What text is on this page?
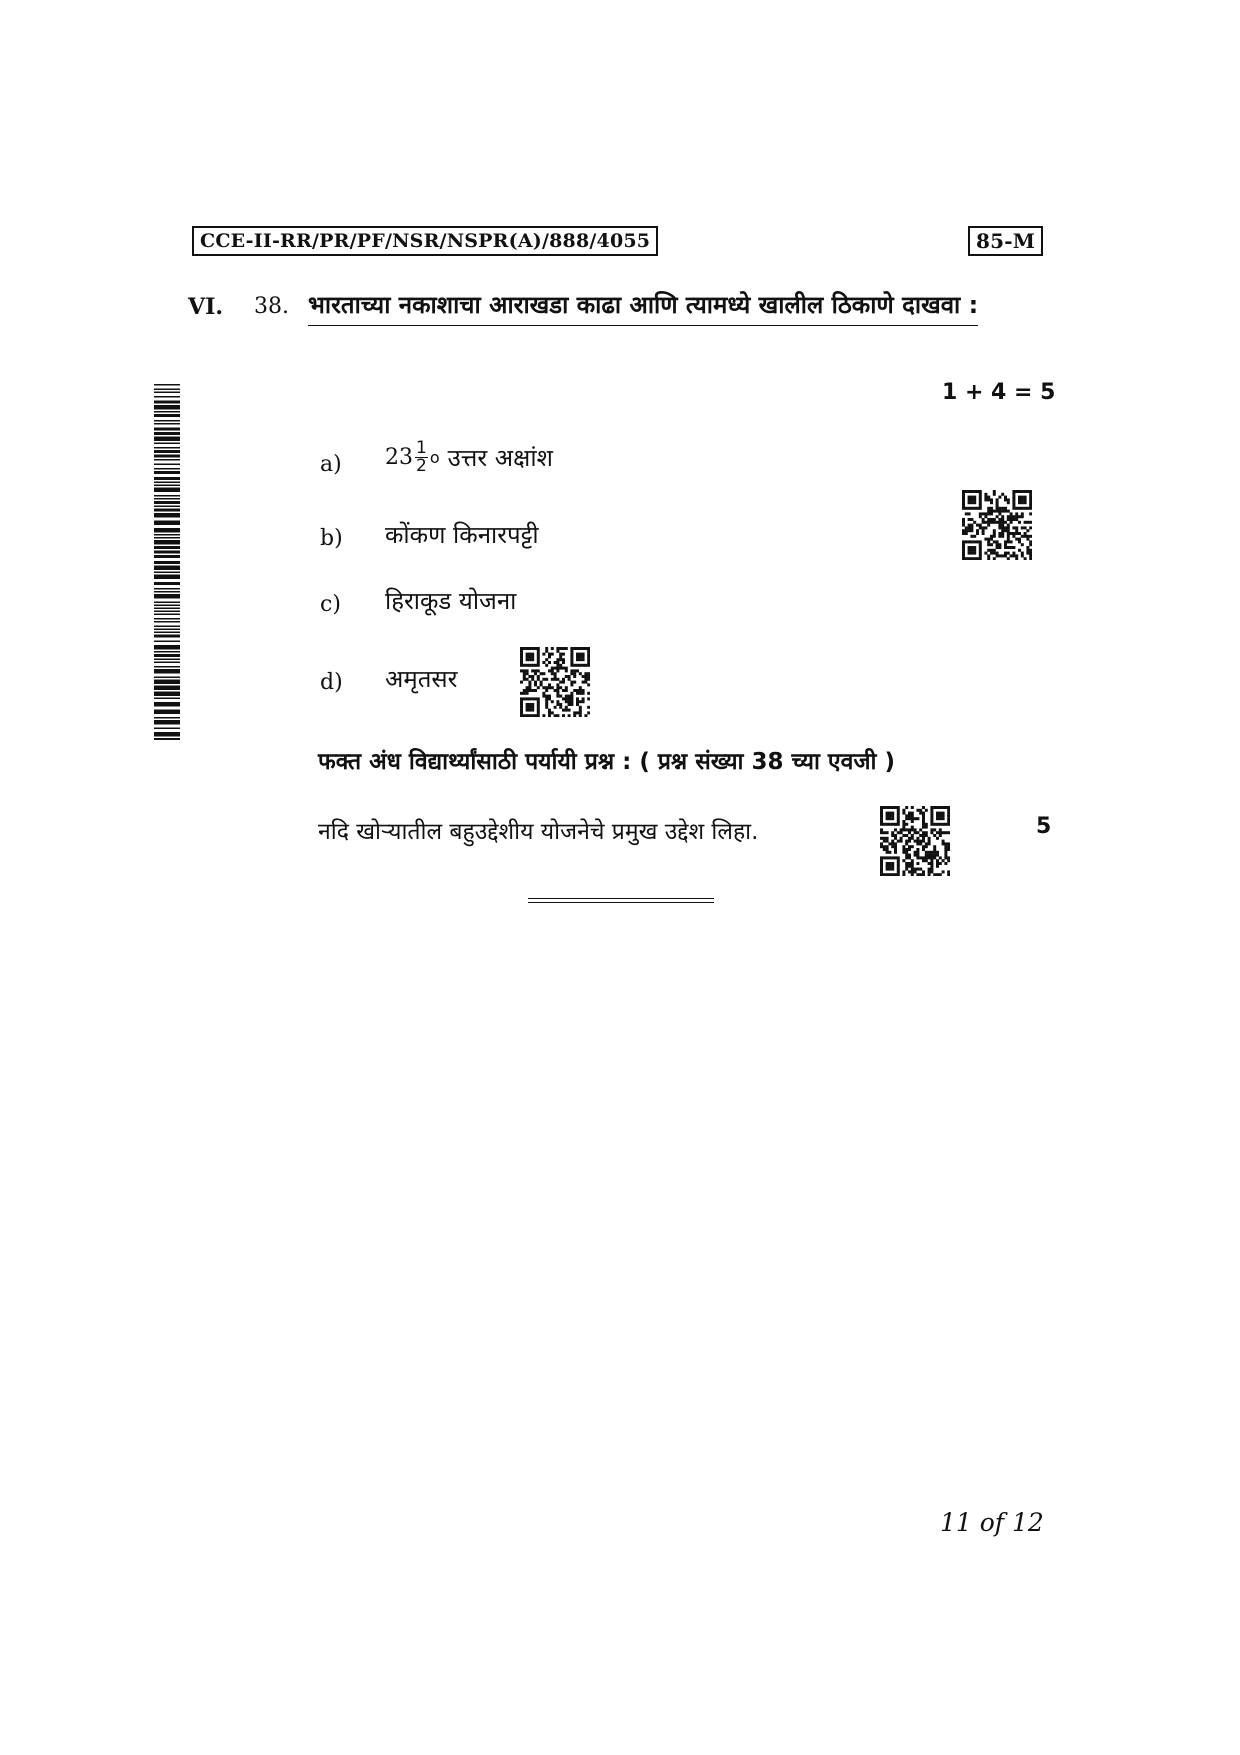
CCE-II-RR/PR/PF/NSR/NSPR(A)/888/4055	85-M
VI. 38. भारताच्या नकाशाचा आराखडा काढा आणि त्यामध्ये खालील ठिकाणे दाखवा :
1 + 4 = 5
a) $23 \frac{1}{2}$ o उत्तर अक्षांश
b) कोंकण किनारपट्टी
c) हिराकूड योजना
d) अमृतसर
फक्त अंध विद्यार्थ्यांसाठी पर्यायी प्रश्न : ( प्रश्न संख्या 38 च्या एवजी )
नदि खोऱ्यातील बहुउद्देशीय योजनेचे प्रमुख उद्देश लिहा.	5
11 of 12
